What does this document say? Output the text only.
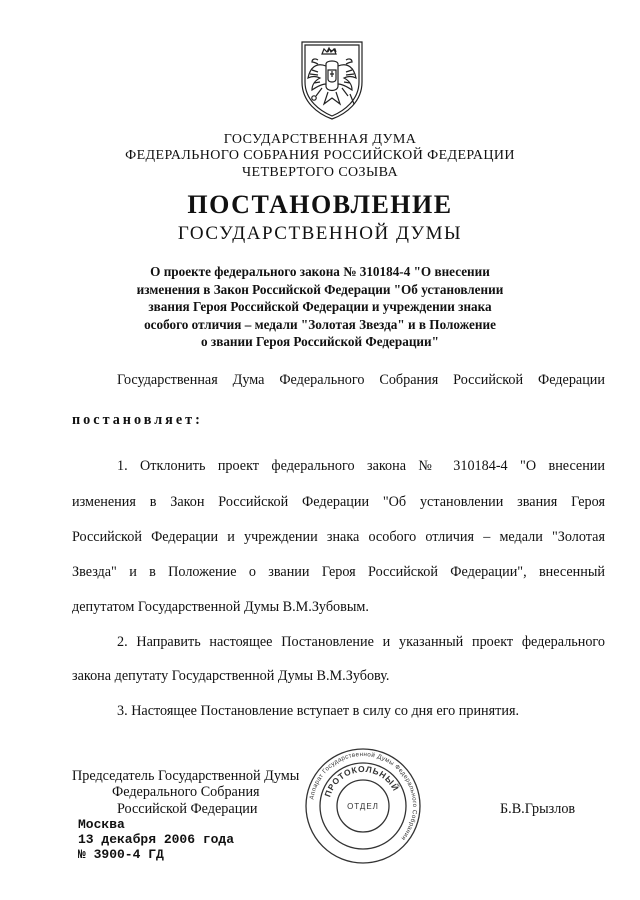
ГОСУДАРСТВЕННАЯ ДУМА
ФЕДЕРАЛЬНОГО СОБРАНИЯ РОССИЙСКОЙ ФЕДЕРАЦИИ
ЧЕТВЕРТОГО СОЗЫВА
ПОСТАНОВЛЕНИЕ
ГОСУДАРСТВЕННОЙ ДУМЫ
О проекте федерального закона № 310184-4 "О внесении
изменения в Закон Российской Федерации "Об установлении
звания Героя Российской Федерации и учреждении знака
особого отличия – медали "Золотая Звезда" и в Положение
о звании Героя Российской Федерации"
Государственная Дума Федерального Собрания Российской Федерации
постановляет:
1. Отклонить проект федерального закона № 310184-4 "О внесении
изменения в Закон Российской Федерации "Об установлении звания Героя
Российской Федерации и учреждении знака особого отличия – медали "Золотая
Звезда" и в Положение о звании Героя Российской Федерации", внесенный
депутатом Государственной Думы В.М.Зубовым.
2. Направить настоящее Постановление и указанный проект федерального
закона депутату Государственной Думы В.М.Зубову.
3. Настоящее Постановление вступает в силу со дня его принятия.
Председатель Государственной Думы
Федерального Собрания
Российской Федерации	Б.В.Грызлов
Аппарат Государственной Думы Федерального Собрания
ПРОТОКОЛЬНЫЙ
ОТДЕЛ
Москва
13 декабря 2006 года
№ 3900-4 ГД
